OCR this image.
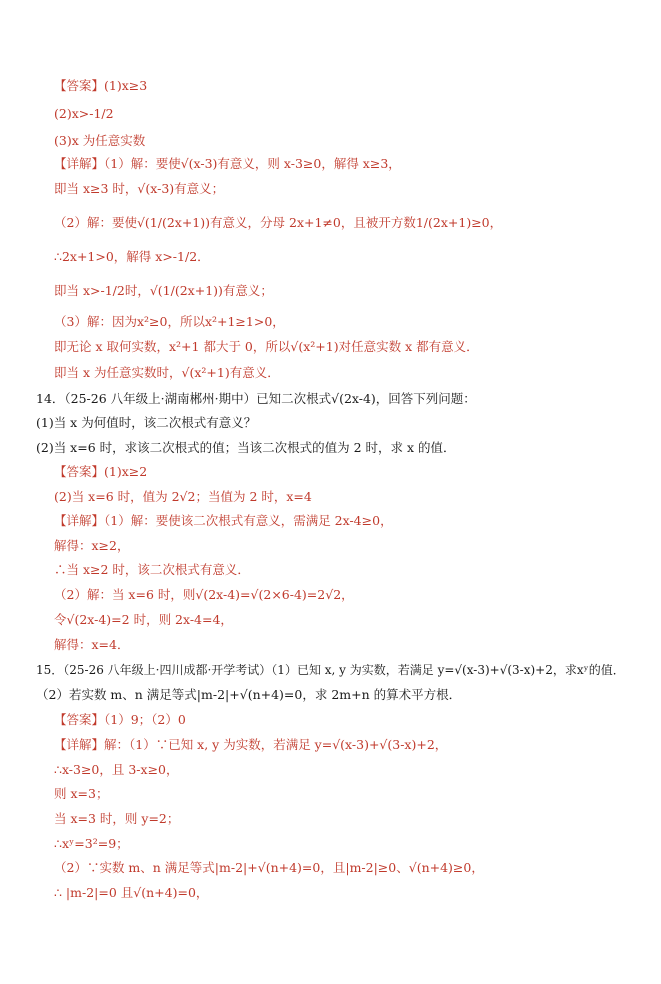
【答案】(1)x≥3
(2)x>-1/2
(3)x 为任意实数
【详解】（1）解：要使√(x-3)有意义，则 x-3≥0，解得 x≥3，
即当 x≥3 时，√(x-3)有意义；
（2）解：要使√(1/(2x+1))有意义，分母 2x+1≠0，且被开方数1/(2x+1)≥0，
∴2x+1>0，解得 x>-1/2．
即当 x>-1/2时，√(1/(2x+1))有意义；
（3）解：因为x²≥0，所以x²+1≥1>0，
即无论 x 取何实数，x²+1 都大于 0，所以√(x²+1)对任意实数 x 都有意义．
即当 x 为任意实数时，√(x²+1)有意义．
14．（25-26 八年级上·湖南郴州·期中）已知二次根式√(2x-4)，回答下列问题：
(1)当 x 为何值时，该二次根式有意义？
(2)当 x=6 时，求该二次根式的值；当该二次根式的值为 2 时，求 x 的值．
【答案】(1)x≥2
(2)当 x=6 时，值为 2√2；当值为 2 时，x=4
【详解】（1）解：要使该二次根式有意义，需满足 2x-4≥0，
解得：x≥2，
∴当 x≥2 时，该二次根式有意义．
（2）解：当 x=6 时，则√(2x-4)=√(2×6-4)=2√2，
令√(2x-4)=2 时，则 2x-4=4，
解得：x=4．
15．（25-26 八年级上·四川成都·开学考试）（1）已知 x, y 为实数，若满足 y=√(x-3)+√(3-x)+2，求xʸ的值．
（2）若实数 m、n 满足等式|m-2|+√(n+4)=0，求 2m+n 的算术平方根．
【答案】（1）9；（2）0
【详解】解：（1）∵已知 x, y 为实数，若满足 y=√(x-3)+√(3-x)+2，
∴x-3≥0，且 3-x≥0，
则 x=3；
当 x=3 时，则 y=2；
∴xʸ=3²=9；
（2）∵实数 m、n 满足等式|m-2|+√(n+4)=0，且|m-2|≥0、√(n+4)≥0，
∴ |m-2|=0 且√(n+4)=0，
